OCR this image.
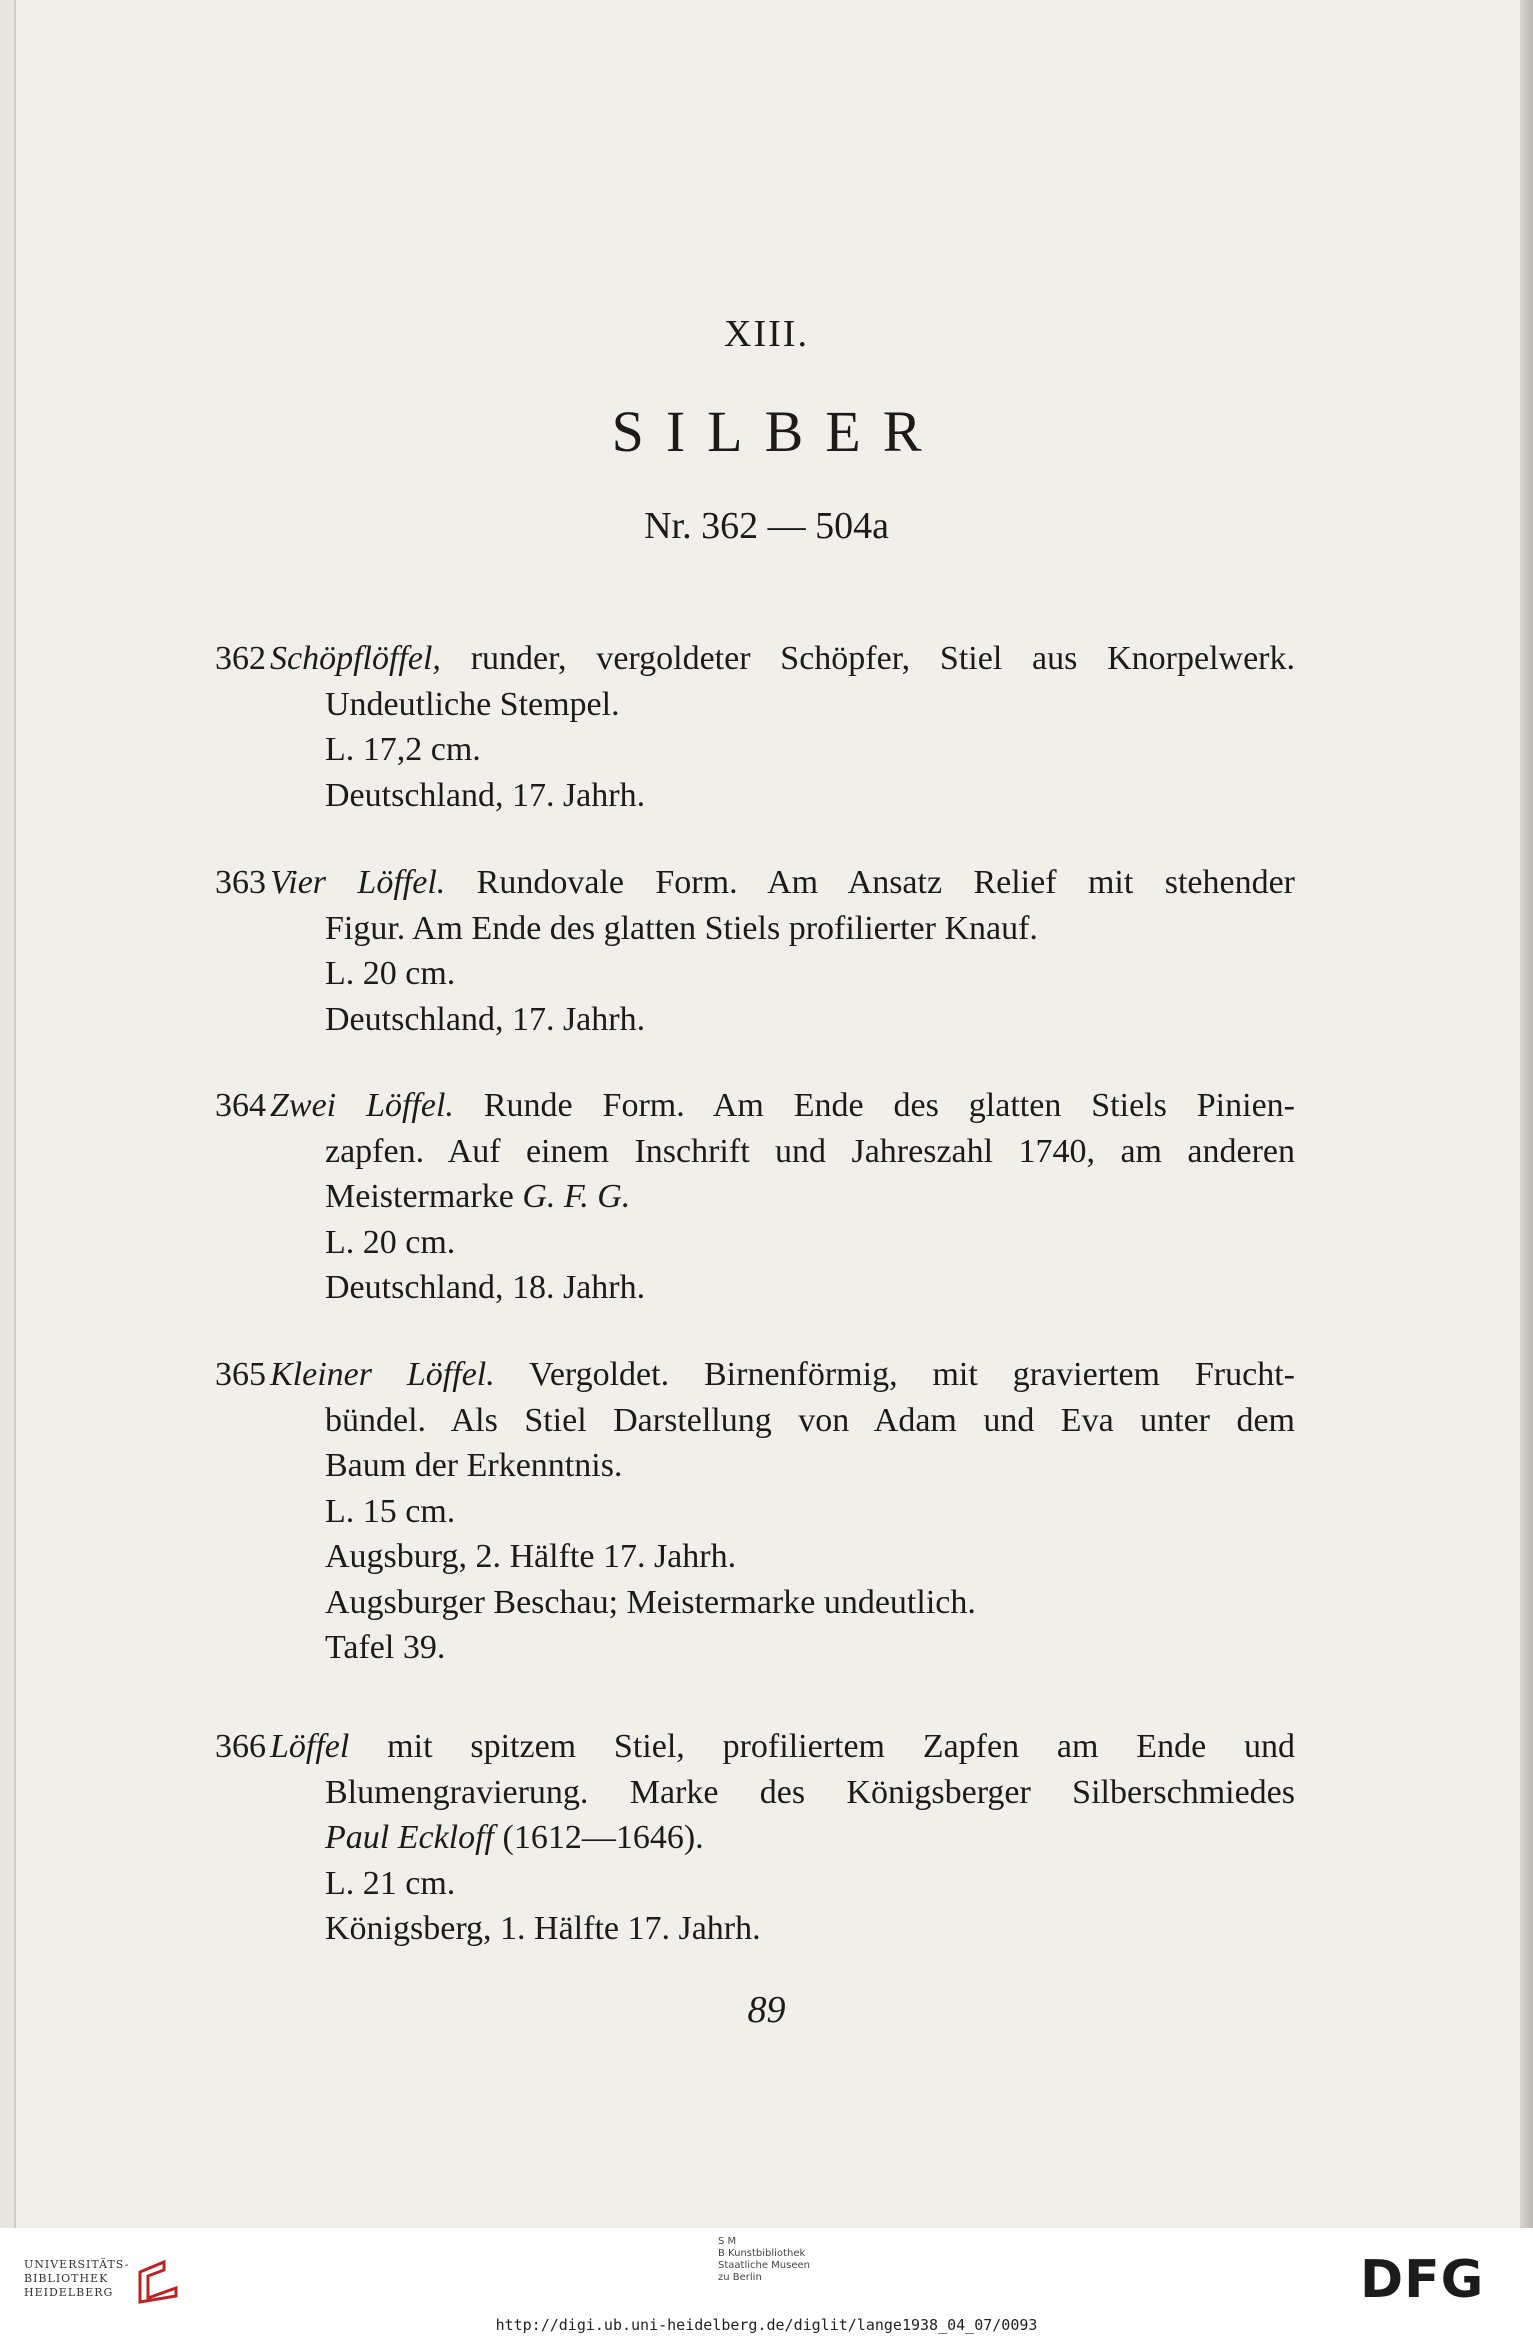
XIII.
SILBER
Nr. 362 — 504a
362 Schöpflöffel, runder, vergoldeter Schöpfer, Stiel aus Knorpelwerk.
Undeutliche Stempel.
L. 17,2 cm.
Deutschland, 17. Jahrh.
363 Vier Löffel. Rundovale Form. Am Ansatz Relief mit stehender
Figur. Am Ende des glatten Stiels profilierter Knauf.
L. 20 cm.
Deutschland, 17. Jahrh.
364 Zwei Löffel. Runde Form. Am Ende des glatten Stiels Pinien-
zapfen. Auf einem Inschrift und Jahreszahl 1740, am anderen
Meistermarke G. F. G.
L. 20 cm.
Deutschland, 18. Jahrh.
365 Kleiner Löffel. Vergoldet. Birnenförmig, mit graviertem Frucht-
bündel. Als Stiel Darstellung von Adam und Eva unter dem
Baum der Erkenntnis.
L. 15 cm.
Augsburg, 2. Hälfte 17. Jahrh.
Augsburger Beschau; Meistermarke undeutlich.
Tafel 39.
366 Löffel mit spitzem Stiel, profiliertem Zapfen am Ende und
Blumengravierung. Marke des Königsberger Silberschmiedes
Paul Eckloff (1612—1646).
L. 21 cm.
Königsberg, 1. Hälfte 17. Jahrh.
89
UNIVERSITÄTS-
BIBLIOTHEK
HEIDELBERG
S M
B Kunstbibliothek
Staatliche Museen
zu Berlin	DFG
http://digi.ub.uni-heidelberg.de/diglit/lange1938_04_07/0093
